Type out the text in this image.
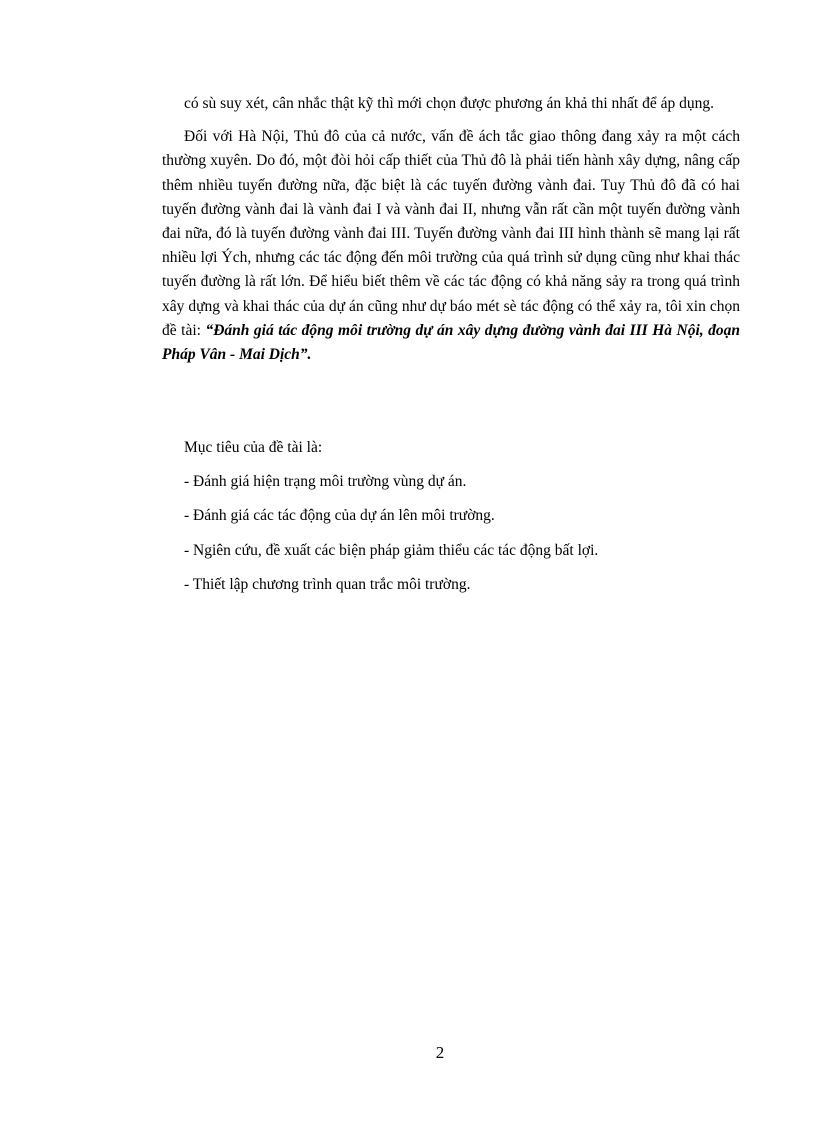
có sù suy xét, cân nhắc thật kỹ thì mới chọn được phương án khả thi nhất để áp dụng.

Đối với Hà Nội, Thủ đô của cả nước, vấn đề ách tắc giao thông đang xảy ra một cách thường xuyên. Do đó, một đòi hỏi cấp thiết của Thủ đô là phải tiến hành xây dựng, nâng cấp thêm nhiều tuyến đường nữa, đặc biệt là các tuyến đường vành đai. Tuy Thủ đô đã có hai tuyến đường vành đai là vành đai I và vành đai II, nhưng vẫn rất cần một tuyến đường vành đai nữa, đó là tuyến đường vành đai III. Tuyến đường vành đai III hình thành sẽ mang lại rất nhiều lợi Ých, nhưng các tác động đến môi trường của quá trình sử dụng cũng như khai thác tuyến đường là rất lớn. Để hiểu biết thêm về các tác động có khả năng sảy ra trong quá trình xây dựng và khai thác của dự án cũng như dự báo mét sè tác động có thể xảy ra, tôi xin chọn đề tài: “Đánh giá tác động môi trường dự án xây dựng đường vành đai III Hà Nội, đoạn Pháp Vân - Mai Dịch”.

Mục tiêu của đề tài là:
- Đánh giá hiện trạng môi trường vùng dự án.
- Đánh giá các tác động của dự án lên môi trường.
- Ngiên cứu, đề xuất các biện pháp giảm thiểu các tác động bất lợi.
- Thiết lập chương trình quan trắc môi trường.
2
